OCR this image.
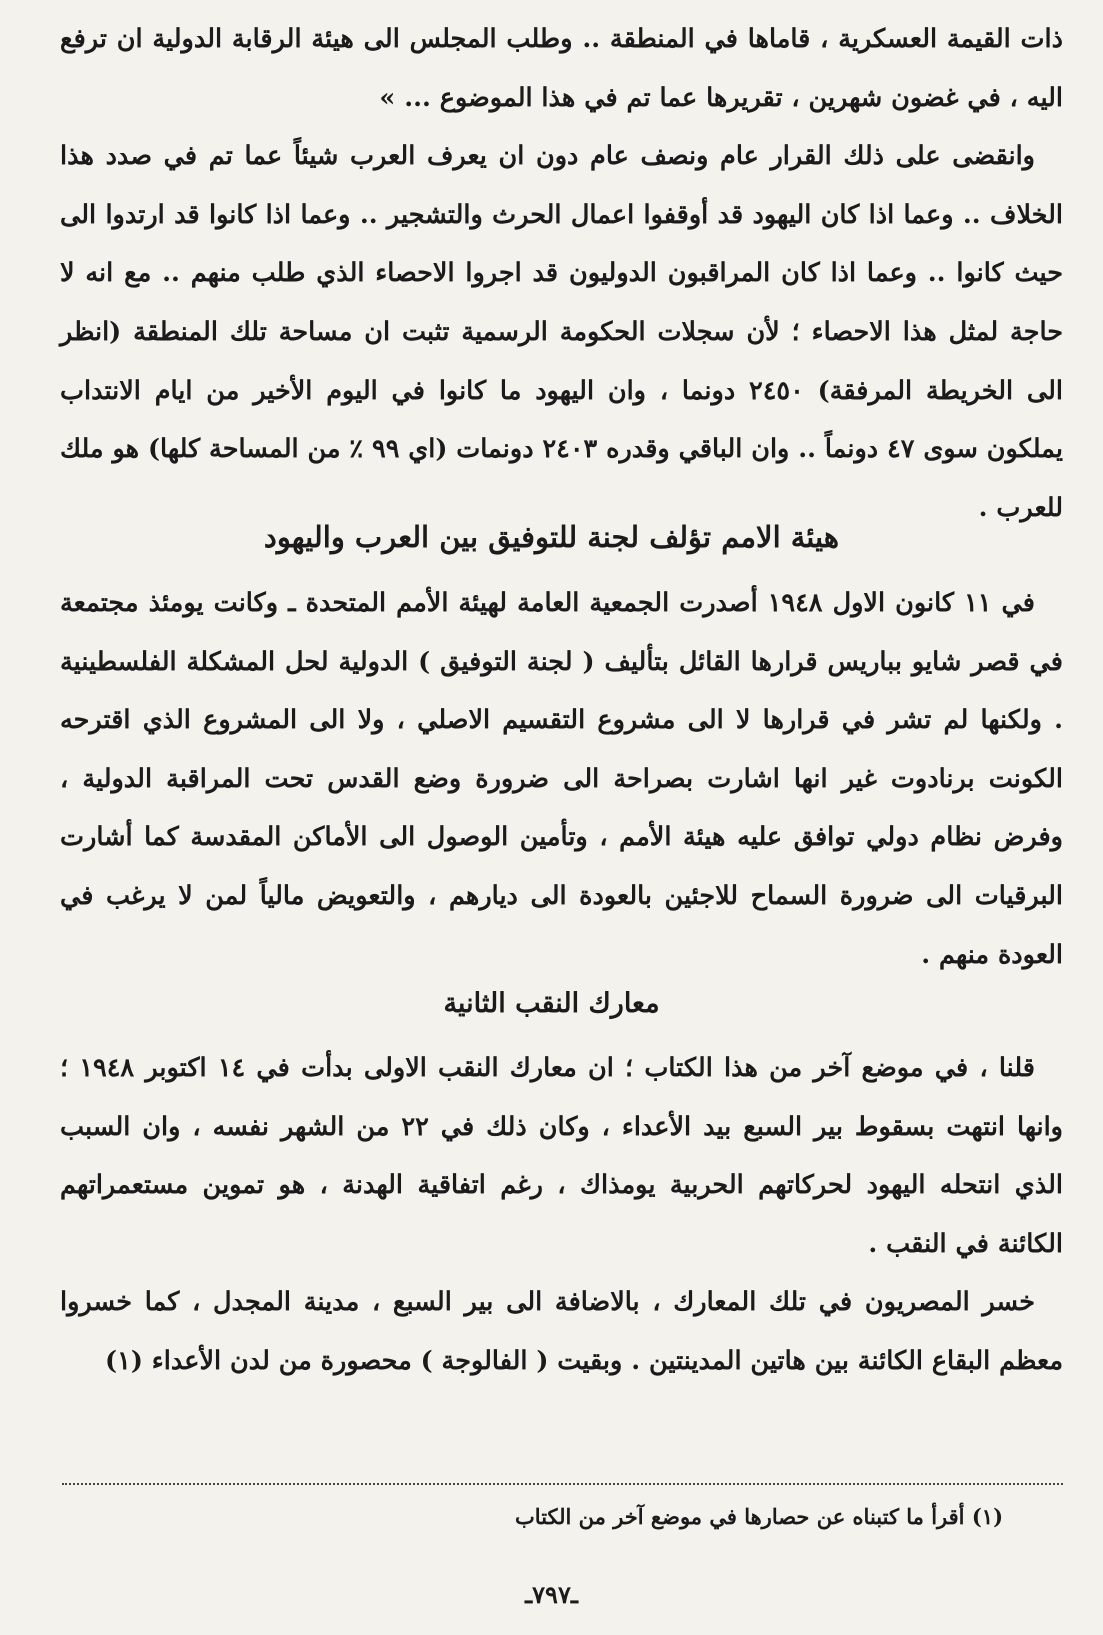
ذات القيمة العسكرية ، قاماها في المنطقة .. وطلب المجلس الى هيئة الرقابة الدولية ان ترفع اليه ، في غضون شهرين ، تقريرها عما تم في هذا الموضوع ... »

وانقضى على ذلك القرار عام ونصف عام دون ان يعرف العرب شيئاً عما تم في صدد هذا الخلاف .. وعما اذا كان اليهود قد أوقفوا اعمال الحرث والتشجير .. وعما اذا كانوا قد ارتدوا الى حيث كانوا .. وعما اذا كان المراقبون الدوليون قد اجروا الاحصاء الذي طلب منهم .. مع انه لا حاجة لمثل هذا الاحصاء ؛ لأن سجلات الحكومة الرسمية تثبت ان مساحة تلك المنطقة (انظر الى الخريطة المرفقة) ٢٤٥٠ دونما ، وان اليهود ما كانوا في اليوم الأخير من ايام الانتداب يملكون سوى ٤٧ دونماً .. وان الباقي وقدره ٢٤٠٣ دونمات (اي ٩٩ ٪ من المساحة كلها) هو ملك للعرب .

هيئة الامم تؤلف لجنة للتوفيق بين العرب واليهود

في ١١ كانون الاول ١٩٤٨ أصدرت الجمعية العامة لهيئة الأمم المتحدة ـ وكانت يومئذ مجتمعة في قصر شايو بباريس قرارها القائل بتأليف ( لجنة التوفيق ) الدولية لحل المشكلة الفلسطينية . ولكنها لم تشر في قرارها لا الى مشروع التقسيم الاصلي ، ولا الى المشروع الذي اقترحه الكونت برنادوت غير انها اشارت بصراحة الى ضرورة وضع القدس تحت المراقبة الدولية ، وفرض نظام دولي توافق عليه هيئة الأمم ، وتأمين الوصول الى الأماكن المقدسة كما أشارت البرقيات الى ضرورة السماح للاجئين بالعودة الى ديارهم ، والتعويض مالياً لمن لا يرغب في العودة منهم .

معارك النقب الثانية

قلنا ، في موضع آخر من هذا الكتاب ؛ ان معارك النقب الاولى بدأت في ١٤ اكتوبر ١٩٤٨ ؛ وانها انتهت بسقوط بير السبع بيد الأعداء ، وكان ذلك في ٢٢ من الشهر نفسه ، وان السبب الذي انتحله اليهود لحركاتهم الحربية يومذاك ، رغم اتفاقية الهدنة ، هو تموين مستعمراتهم الكائنة في النقب .

خسر المصريون في تلك المعارك ، بالاضافة الى بير السبع ، مدينة المجدل ، كما خسروا معظم البقاع الكائنة بين هاتين المدينتين . وبقيت ( الفالوجة ) محصورة من لدن الأعداء (١)

(١) أقرأ ما كتبناه عن حصارها في موضع آخر من الكتاب
ـ٧٩٧ـ
